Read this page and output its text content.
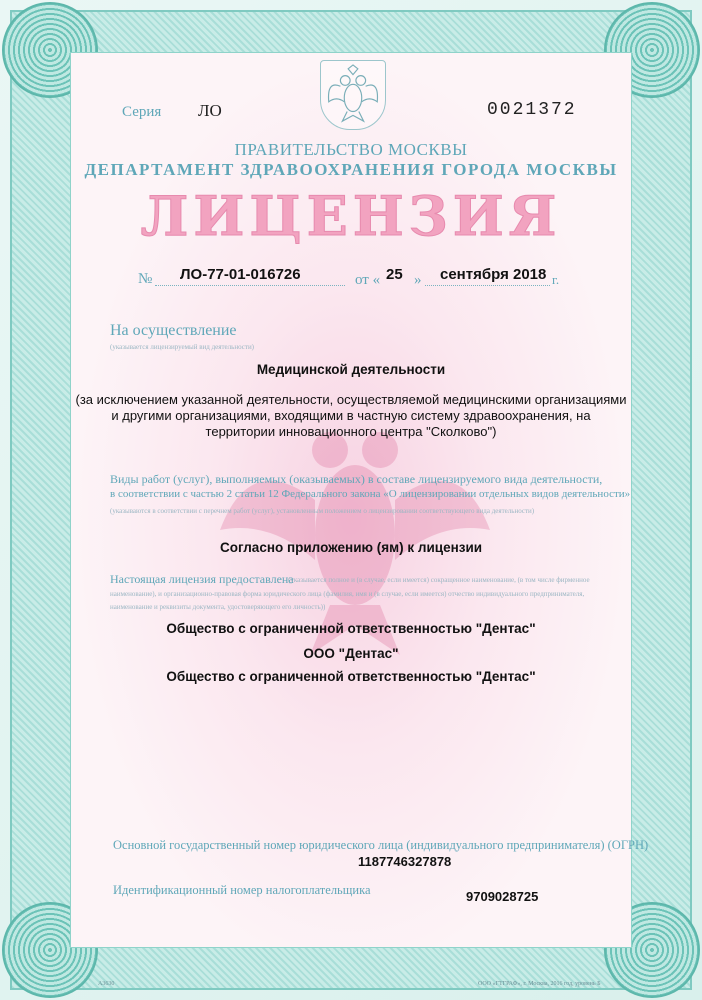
Серия ЛО	0021372
ПРАВИТЕЛЬСТВО МОСКВЫ
ДЕПАРТАМЕНТ ЗДРАВООХРАНЕНИЯ ГОРОДА МОСКВЫ
ЛИЦЕНЗИЯ
№ ЛО-77-01-016726	от « 25 » сентября 2018 г.
На осуществление
(указывается лицензируемый вид деятельности)
Медицинской деятельности
(за исключением указанной деятельности, осуществляемой медицинскими организациями
и другими организациями, входящими в частную систему здравоохранения, на
территории инновационного центра "Сколково")
Виды работ (услуг), выполняемых (оказываемых) в составе лицензируемого вида деятельности,
в соответствии с частью 2 статьи 12 Федерального закона «О лицензировании отдельных видов деятельности»
(указываются в соответствии с перечнем работ (услуг), установленным положением о лицензировании соответствующего вида деятельности)
Согласно приложению (ям) к лицензии
Настоящая лицензия предоставлена
(указывается полное и (в случае, если имеется) сокращенное наименование, (в том числе фирменное
наименование), и организационно-правовая форма юридического лица (фамилия, имя и (в случае, если имеется) отчество индивидуального предпринимателя,
наименование и реквизиты документа, удостоверяющего его личность))
Общество с ограниченной ответственностью "Дентас"
ООО "Дентас"
Общество с ограниченной ответственностью "Дентас"
Основной государственный номер юридического лица (индивидуального предпринимателя) (ОГРН)
1187746327878
Идентификационный номер налогоплательщика	9709028725
А3630	ООО «ГТГРАФ», г. Москва, 2016 год, уровень Б
